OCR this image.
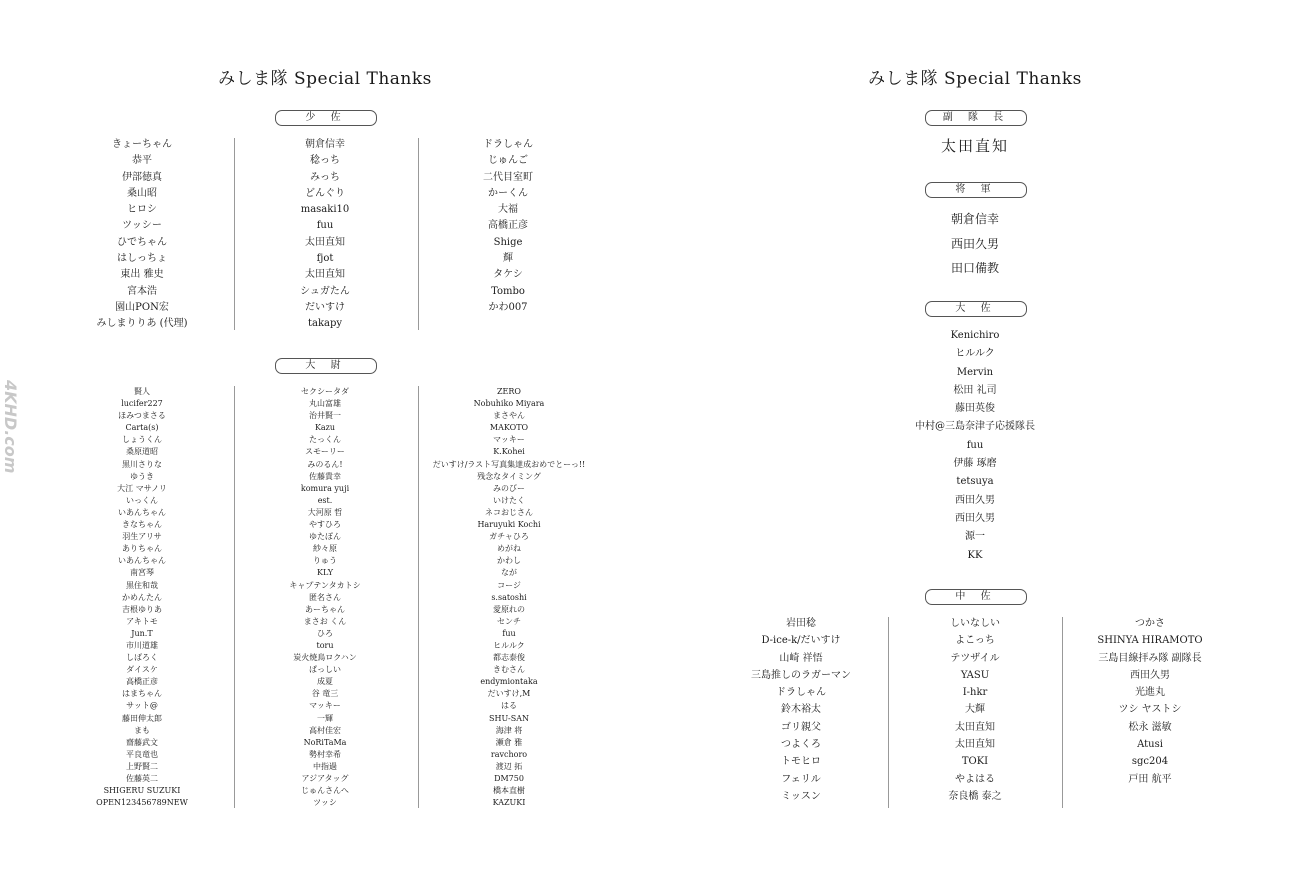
4KHD.com
みしま隊 Special Thanks
少 佐
きょーちゃん
恭平
伊部徳真
桑山昭
ヒロシ
ツッシー
ひでちゃん
はしっちょ
東出 雅史
宮本浩
園山PON宏
みしまりりあ (代理)
朝倉信幸
稔っち
みっち
どんぐり
masaki10
fuu
太田直知
fjot
太田直知
シュガたん
だいすけ
takapy
ドラしゃん
じゅんご
二代目室町
かーくん
大福
高橋正彦
Shige
輝
タケシ
Tombo
かわ007
大 尉
賢人
lucifer227
ほみつまさる
Carta(s)
しょうくん
桑原道昭
黒川さりな
ゆうき
大江 マサノリ
いっくん
いあんちゃん
きなちゃん
羽生アリサ
ありちゃん
いあんちゃん
南宮琴
黒住和哉
かめんたん
吉根ゆりあ
アキトモ
Jun.T
市川道雄
しばろく
ダイスケ
高橋正彦
はまちゃん
サット@
藤田伸太郎
まも
齋藤武文
平良竜也
上野賢二
佐藤英二
SHIGERU SUZUKI
OPEN123456789NEW
セクシータダ
丸山富雄
治井賢一
Kazu
たっくん
スモーリー
みのるん!
佐藤貴幸
komura yuji
est.
大河原 哲
やすひろ
ゆたぽん
紗々原
りゅう
KLY
キャプテンタカトシ
匿名さん
あーちゃん
まさお くん
ひろ
toru
炭火焼鳥ロクハン
ぱっしい
成夏
谷 竜三
マッキー
一輝
高村佳宏
NoRiTaMa
勢村幸希
中指過
アジアタッグ
じゅんさんへ
ツッシ
ZERO
Nobuhiko Miyara
まさやん
MAKOTO
マッキー
K.Kohei
だいすけ/ラスト写真集達成おめでとーっ!!
残念なタイミング
みのびー
いけたく
ネコおじさん
Haruyuki Kochi
ガチャひろ
めがね
かわし
なが
コージ
s.satoshi
愛原れの
センチ
fuu
ヒルルク
都志泰俊
きむさん
endymiontaka
だいすけ,M
はる
SHU-SAN
海津 将
瀬倉 雅
ravchoro
渡辺 拓
DM750
橋本直樹
KAZUKI
みしま隊 Special Thanks
副 隊 長
太田直知
将 軍
朝倉信幸
西田久男
田口備教
大 佐
Kenichiro
ヒルルク
Mervin
松田 礼司
藤田英俊
中村@三島奈津子応援隊長
fuu
伊藤 琢磨
tetsuya
西田久男
西田久男
源一
KK
中 佐
岩田稔
D-ice-k/だいすけ
山崎 祥悟
三島推しのラガーマン
ドラしゃん
鈴木裕太
ゴリ親父
つよくろ
トモヒロ
フェリル
ミッスン
しいなしい
よこっち
テツザイル
YASU
I-hkr
大輝
太田直知
太田直知
TOKI
やよはる
奈良橋 泰之
つかさ
SHINYA HIRAMOTO
三島目線拝み隊 副隊長
西田久男
光進丸
ツシ ヤストシ
松永 滋敏
Atusi
sgc204
戸田 航平
